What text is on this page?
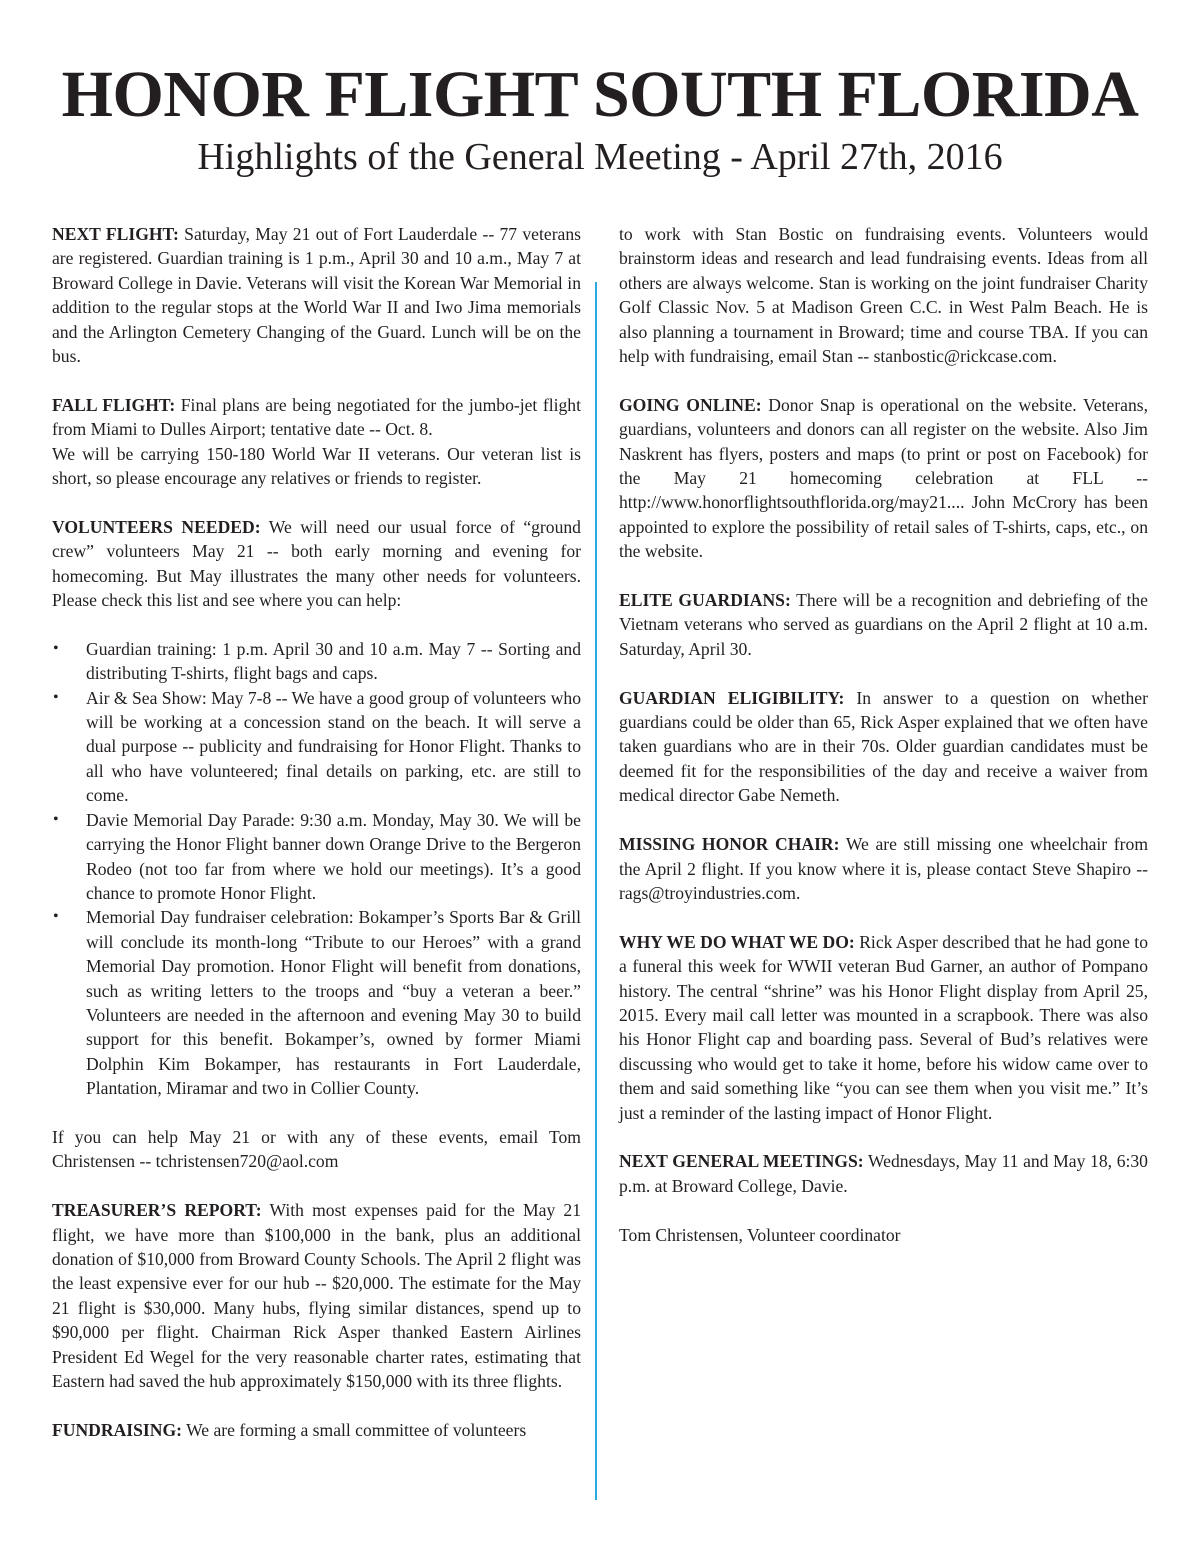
HONOR FLIGHT SOUTH FLORIDA
Highlights of the General Meeting - April 27th, 2016

NEXT FLIGHT: Saturday, May 21 out of Fort Lauderdale -- 77 veterans are registered. Guardian training is 1 p.m., April 30 and 10 a.m., May 7 at Broward College in Davie. Veterans will visit the Korean War Memorial in addition to the regular stops at the World War II and Iwo Jima memorials and the Arlington Cemetery Changing of the Guard. Lunch will be on the bus.

FALL FLIGHT: Final plans are being negotiated for the jumbo-jet flight from Miami to Dulles Airport; tentative date -- Oct. 8.

We will be carrying 150-180 World War II veterans. Our veteran list is short, so please encourage any relatives or friends to register.

VOLUNTEERS NEEDED: We will need our usual force of “ground crew” volunteers May 21 -- both early morning and evening for homecoming. But May illustrates the many other needs for volunteers. Please check this list and see where you can help:

• Guardian training: 1 p.m. April 30 and 10 a.m. May 7 -- Sorting and distributing T-shirts, flight bags and caps.
• Air & Sea Show: May 7-8 -- We have a good group of volunteers who will be working at a concession stand on the beach. It will serve a dual purpose -- publicity and fundraising for Honor Flight. Thanks to all who have volunteered; final details on parking, etc. are still to come.
• Davie Memorial Day Parade: 9:30 a.m. Monday, May 30. We will be carrying the Honor Flight banner down Orange Drive to the Bergeron Rodeo (not too far from where we hold our meetings). It’s a good chance to promote Honor Flight.
• Memorial Day fundraiser celebration: Bokamper’s Sports Bar & Grill will conclude its month-long “Tribute to our Heroes” with a grand Memorial Day promotion. Honor Flight will benefit from donations, such as writing letters to the troops and “buy a veteran a beer.” Volunteers are needed in the afternoon and evening May 30 to build support for this benefit. Bokamper’s, owned by former Miami Dolphin Kim Bokamper, has restaurants in Fort Lauderdale, Plantation, Miramar and two in Collier County.

If you can help May 21 or with any of these events, email Tom Christensen -- tchristensen720@aol.com

TREASURER’S REPORT: With most expenses paid for the May 21 flight, we have more than $100,000 in the bank, plus an additional donation of $10,000 from Broward County Schools. The April 2 flight was the least expensive ever for our hub -- $20,000. The estimate for the May 21 flight is $30,000. Many hubs, flying similar distances, spend up to $90,000 per flight. Chairman Rick Asper thanked Eastern Airlines President Ed Wegel for the very reasonable charter rates, estimating that Eastern had saved the hub approximately $150,000 with its three flights.

FUNDRAISING: We are forming a small committee of volunteers

to work with Stan Bostic on fundraising events. Volunteers would brainstorm ideas and research and lead fundraising events. Ideas from all others are always welcome. Stan is working on the joint fundraiser Charity Golf Classic Nov. 5 at Madison Green C.C. in West Palm Beach. He is also planning a tournament in Broward; time and course TBA. If you can help with fundraising, email Stan -- stanbostic@rickcase.com.

GOING ONLINE: Donor Snap is operational on the website. Veterans, guardians, volunteers and donors can all register on the website. Also Jim Naskrent has flyers, posters and maps (to print or post on Facebook) for the May 21 homecoming celebration at FLL -- http://www.honorflightsouthflorida.org/may21.... John McCrory has been appointed to explore the possibility of retail sales of T-shirts, caps, etc., on the website.

ELITE GUARDIANS: There will be a recognition and debriefing of the Vietnam veterans who served as guardians on the April 2 flight at 10 a.m. Saturday, April 30.

GUARDIAN ELIGIBILITY: In answer to a question on whether guardians could be older than 65, Rick Asper explained that we often have taken guardians who are in their 70s. Older guardian candidates must be deemed fit for the responsibilities of the day and receive a waiver from medical director Gabe Nemeth.

MISSING HONOR CHAIR: We are still missing one wheelchair from the April 2 flight. If you know where it is, please contact Steve Shapiro -- rags@troyindustries.com.

WHY WE DO WHAT WE DO: Rick Asper described that he had gone to a funeral this week for WWII veteran Bud Garner, an author of Pompano history. The central “shrine” was his Honor Flight display from April 25, 2015. Every mail call letter was mounted in a scrapbook. There was also his Honor Flight cap and boarding pass. Several of Bud’s relatives were discussing who would get to take it home, before his widow came over to them and said something like “you can see them when you visit me.” It’s just a reminder of the lasting impact of Honor Flight.

NEXT GENERAL MEETINGS: Wednesdays, May 11 and May 18, 6:30 p.m. at Broward College, Davie.

Tom Christensen, Volunteer coordinator
